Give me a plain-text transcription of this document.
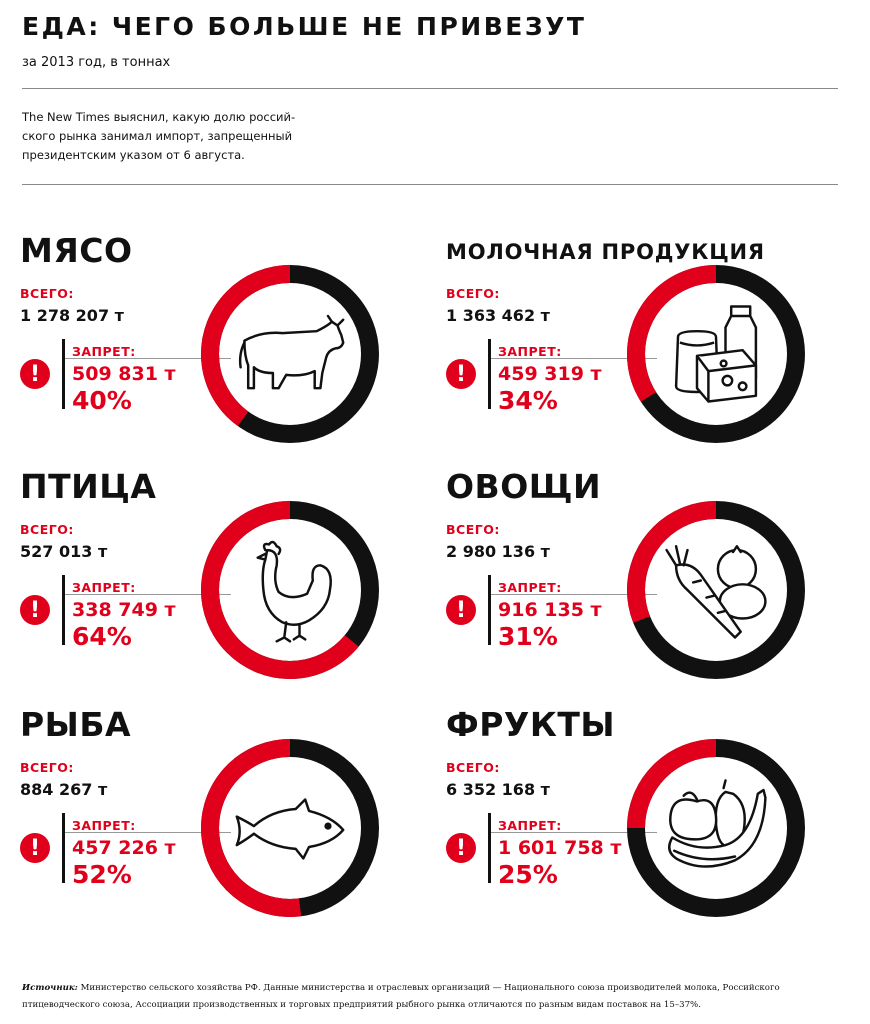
ЕДА: ЧЕГО БОЛЬШЕ НЕ ПРИВЕЗУТ
за 2013 год, в тоннах
The New Times выяснил, какую долю россий-
ского рынка занимал импорт, запрещенный
президентским указом от 6 августа.
МЯСО
ВСЕГО:
1 278 207 т
!
ЗАПРЕТ:
509 831 т
40%
МОЛОЧНАЯ ПРОДУКЦИЯ
ВСЕГО:
1 363 462 т
!
ЗАПРЕТ:
459 319 т
34%
ПТИЦА
ВСЕГО:
527 013 т
!
ЗАПРЕТ:
338 749 т
64%
ОВОЩИ
ВСЕГО:
2 980 136 т
!
ЗАПРЕТ:
916 135 т
31%
РЫБА
ВСЕГО:
884 267 т
!
ЗАПРЕТ:
457 226 т
52%
ФРУКТЫ
ВСЕГО:
6 352 168 т
!
ЗАПРЕТ:
1 601 758 т
25%
Источник: Министерство сельского хозяйства РФ. Данные министерства и отраслевых организаций — Национального союза производителей молока, Российского птицеводческого союза, Ассоциации производственных и торговых предприятий рыбного рынка отличаются по разным видам поставок на 15–37%.
